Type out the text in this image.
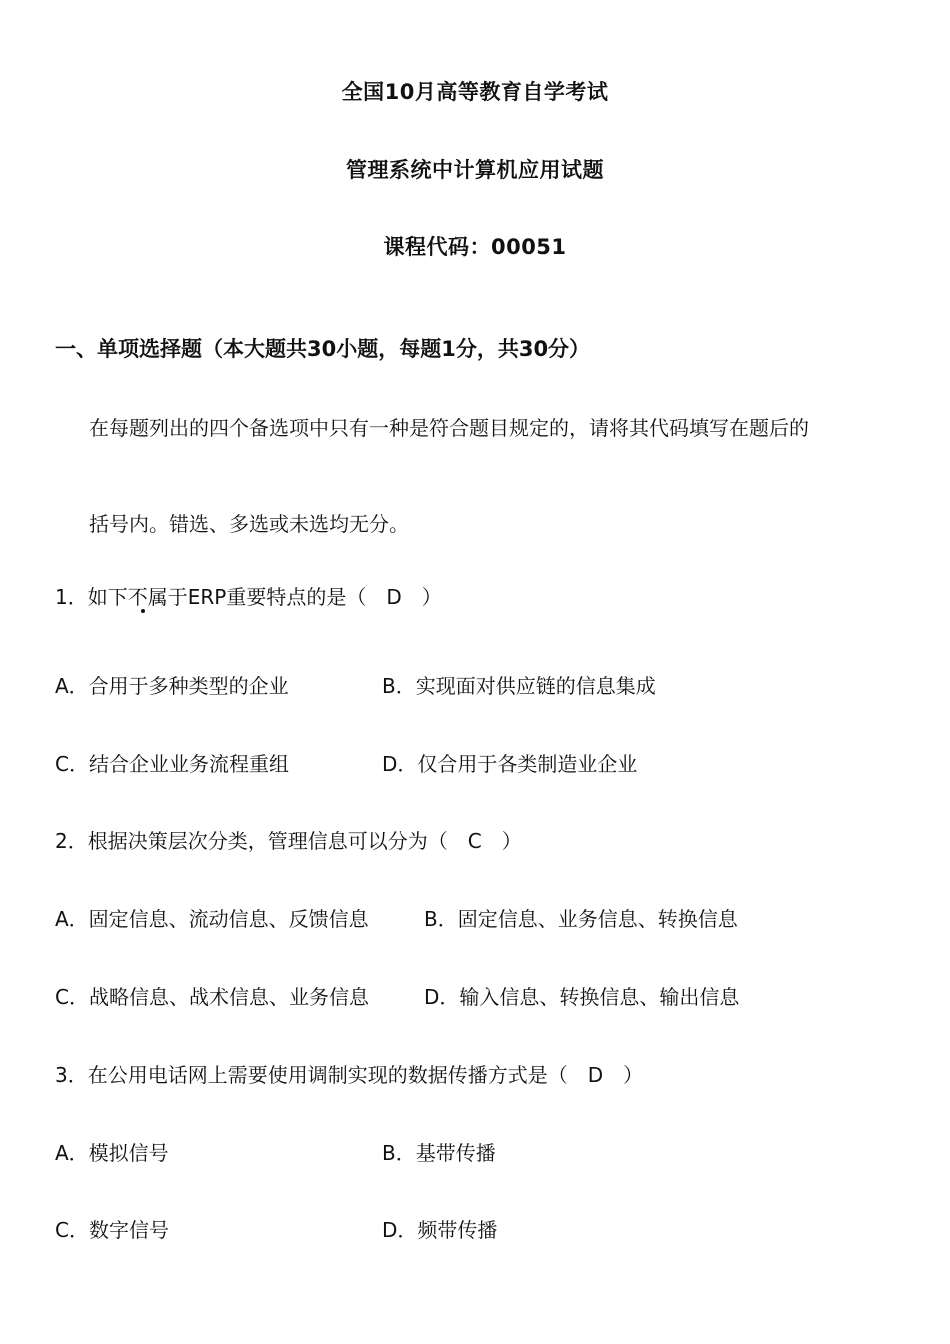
全国10月高等教育自学考试
管理系统中计算机应用试题
课程代码：00051
一、单项选择题（本大题共30小题，每题1分，共30分）
在每题列出的四个备选项中只有一种是符合题目规定的，请将其代码填写在题后的
括号内。错选、多选或未选均无分。
1．如下不属于ERP重要特点的是（　D　）
A．合用于多种类型的企业	B．实现面对供应链的信息集成
C．结合企业业务流程重组	D．仅合用于各类制造业企业
2．根据决策层次分类，管理信息可以分为（　C　）
A．固定信息、流动信息、反馈信息	B．固定信息、业务信息、转换信息
C．战略信息、战术信息、业务信息	D．输入信息、转换信息、输出信息
3．在公用电话网上需要使用调制实现的数据传播方式是（　D　）
A．模拟信号	B．基带传播
C．数字信号	D．频带传播
